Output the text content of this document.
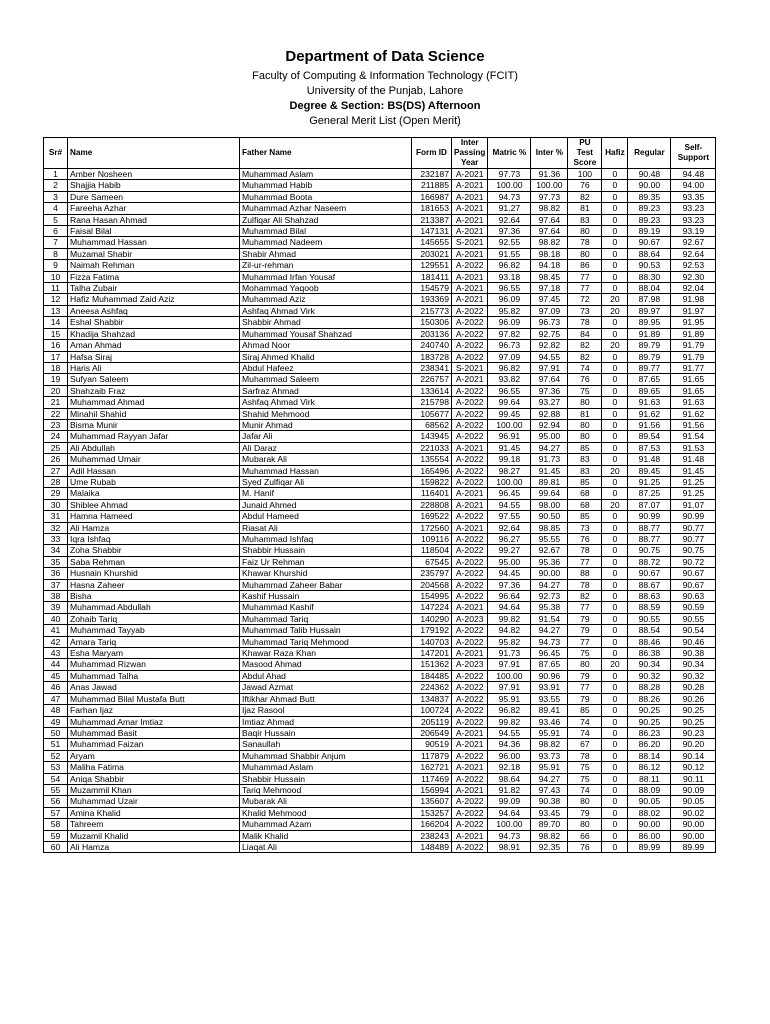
Department of Data Science
Faculty of Computing & Information Technology (FCIT)
University of the Punjab, Lahore
Degree & Section: BS(DS) Afternoon
General Merit List (Open Merit)
Sr#	Name	Father Name	Form ID	Inter Passing Year	Matric %	Inter %	PU Test Score	Hafiz	Regular	Self-Support
1	Amber Nosheen	Muhammad Aslam	232187	A-2021	97.73	91.36	100	0	90.48	94.48
2	Shajjia Habib	Muhammad Habib	211885	A-2021	100.00	100.00	76	0	90.00	94.00
3	Dure Sameen	Muhammad Boota	166987	A-2021	94.73	97.73	82	0	89.35	93.35
4	Fareeha Azhar	Muhammad Azhar Naseem	181653	A-2021	91.27	98.82	81	0	89.23	93.23
5	Rana Hasan Ahmad	Zulfiqar Ali Shahzad	213387	A-2021	92.64	97.64	83	0	89.23	93.23
6	Faisal Bilal	Muhammad Bilal	147131	A-2021	97.36	97.64	80	0	89.19	93.19
7	Muhammad Hassan	Muhammad Nadeem	145655	S-2021	92.55	98.82	78	0	90.67	92.67
8	Muzamal Shabir	Shabir Ahmad	203021	A-2021	91.55	98.18	80	0	88.64	92.64
9	Naimah Rehman	Zil-ur-rehman	129551	A-2022	96.82	94.18	86	0	90.53	92.53
10	Fizza Fatima	Muhammad Irfan Yousaf	181411	A-2021	93.18	98.45	77	0	88.30	92.30
11	Talha Zubair	Mohammad Yaqoob	154579	A-2021	96.55	97.18	77	0	88.04	92.04
12	Hafiz Muhammad Zaid Aziz	Muhammad Aziz	193369	A-2021	96.09	97.45	72	20	87.98	91.98
13	Aneesa Ashfaq	Ashfaq Ahmad Virk	215773	A-2022	95.82	97.09	73	20	89.97	91.97
14	Eshal Shabbir	Shabbir Ahmad	150306	A-2022	96.09	96.73	78	0	89.95	91.95
15	Khadija Shahzad	Muhammad Yousaf Shahzad	203136	A-2022	97.82	92.75	84	0	91.89	91.89
16	Aman Ahmad	Ahmad Noor	240740	A-2022	96.73	92.82	82	20	89.79	91.79
17	Hafsa Siraj	Siraj Ahmed Khalid	183728	A-2022	97.09	94.55	82	0	89.79	91.79
18	Haris Ali	Abdul Hafeez	238341	S-2021	96.82	97.91	74	0	89.77	91.77
19	Sufyan Saleem	Muhammad Saleem	226757	A-2021	93.82	97.64	76	0	87.65	91.65
20	Shahzaib Fraz	Sarfraz Ahmad	133614	A-2022	96.55	97.36	75	0	89.65	91.65
21	Muhammad Ahmad	Ashfaq Ahmad Virk	215798	A-2022	99.64	93.27	80	0	91.63	91.63
22	Minahil Shahid	Shahid Mehmood	105677	A-2022	99.45	92.88	81	0	91.62	91.62
23	Bisma Munir	Munir Ahmad	68562	A-2022	100.00	92.94	80	0	91.56	91.56
24	Muhammad Rayyan Jafar	Jafar Ali	143945	A-2022	96.91	95.00	80	0	89.54	91.54
25	Ali Abdullah	Ali Daraz	221033	A-2021	91.45	94.27	85	0	87.53	91.53
26	Muhammad Umair	Mubarak Ali	135554	A-2022	99.18	91.73	83	0	91.48	91.48
27	Adil Hassan	Muhammad Hassan	165496	A-2022	98.27	91.45	83	20	89.45	91.45
28	Ume Rubab	Syed Zulfiqar Ali	159822	A-2022	100.00	89.81	85	0	91.25	91.25
29	Malaika	M. Hanif	116401	A-2021	96.45	99.64	68	0	87.25	91.25
30	Shiblee Ahmad	Junaid Ahmed	228808	A-2021	94.55	98.00	68	20	87.07	91.07
31	Hamna Hameed	Abdul Hameed	169522	A-2022	97.55	90.50	85	0	90.99	90.99
32	Ali Hamza	Riasat Ali	172560	A-2021	92.64	98.85	73	0	88.77	90.77
33	Iqra Ishfaq	Muhammad Ishfaq	109116	A-2022	96.27	95.55	76	0	88.77	90.77
34	Zoha Shabbir	Shabbir Hussain	118504	A-2022	99.27	92.67	78	0	90.75	90.75
35	Saba Rehman	Faiz Ur Rehman	67545	A-2022	95.00	95.36	77	0	88.72	90.72
36	Husnain Khurshid	Khawar Khurshid	235797	A-2022	94.45	90.00	88	0	90.67	90.67
37	Hasna Zaheer	Muhammad Zaheer Babar	204568	A-2022	97.36	94.27	78	0	88.67	90.67
38	Bisha	Kashif Hussain	154995	A-2022	96.64	92.73	82	0	88.63	90.63
39	Muhammad Abdullah	Muhammad Kashif	147224	A-2021	94.64	95.38	77	0	88.59	90.59
40	Zohaib Tariq	Muhammad Tariq	140290	A-2023	99.82	91.54	79	0	90.55	90.55
41	Muhammad Tayyab	Muhammad Talib Hussain	179192	A-2022	94.82	94.27	79	0	88.54	90.54
42	Amara Tariq	Muhammad Tariq Mehmood	140703	A-2022	95.82	94.73	77	0	88.46	90.46
43	Esha Maryam	Khawar Raza Khan	147201	A-2021	91.73	96.45	75	0	86.38	90.38
44	Muhammad Rizwan	Masood Ahmad	151362	A-2023	97.91	87.65	80	20	90.34	90.34
45	Muhammad Talha	Abdul Ahad	184485	A-2022	100.00	90.96	79	0	90.32	90.32
46	Anas Jawad	Jawad Azmat	224362	A-2022	97.91	93.91	77	0	88.28	90.28
47	Muhammad Bilal Mustafa Butt	Iftikhar Ahmad Butt	134837	A-2022	95.91	93.55	79	0	88.26	90.26
48	Farhan Ijaz	Ijaz Rasool	100724	A-2022	96.82	89.41	85	0	90.25	90.25
49	Muhammad Amar Imtiaz	Imtiaz Ahmad	205119	A-2022	99.82	93.46	74	0	90.25	90.25
50	Muhammad Basit	Baqir Hussain	206549	A-2021	94.55	95.91	74	0	86.23	90.23
51	Muhammad Faizan	Sanaullah	90519	A-2021	94.36	98.82	67	0	86.20	90.20
52	Aryam	Muhammad Shabbir Anjum	117879	A-2022	96.00	93.73	78	0	88.14	90.14
53	Maliha Fatima	Muhammad Aslam	162721	A-2021	92.18	95.91	75	0	86.12	90.12
54	Aniqa Shabbir	Shabbir Hussain	117469	A-2022	98.64	94.27	75	0	88.11	90.11
55	Muzammil Khan	Tariq Mehmood	156994	A-2021	91.82	97.43	74	0	88.09	90.09
56	Muhammad Uzair	Mubarak Ali	135607	A-2022	99.09	90.38	80	0	90.05	90.05
57	Amina Khalid	Khalid Mehmood	153257	A-2022	94.64	93.45	79	0	88.02	90.02
58	Tahreem	Muhammad Azam	166204	A-2022	100.00	89.70	80	0	90.00	90.00
59	Muzamil Khalid	Malik Khalid	238243	A-2021	94.73	98.82	66	0	86.00	90.00
60	Ali Hamza	Liaqat Ali	148489	A-2022	98.91	92.35	76	0	89.99	89.99
